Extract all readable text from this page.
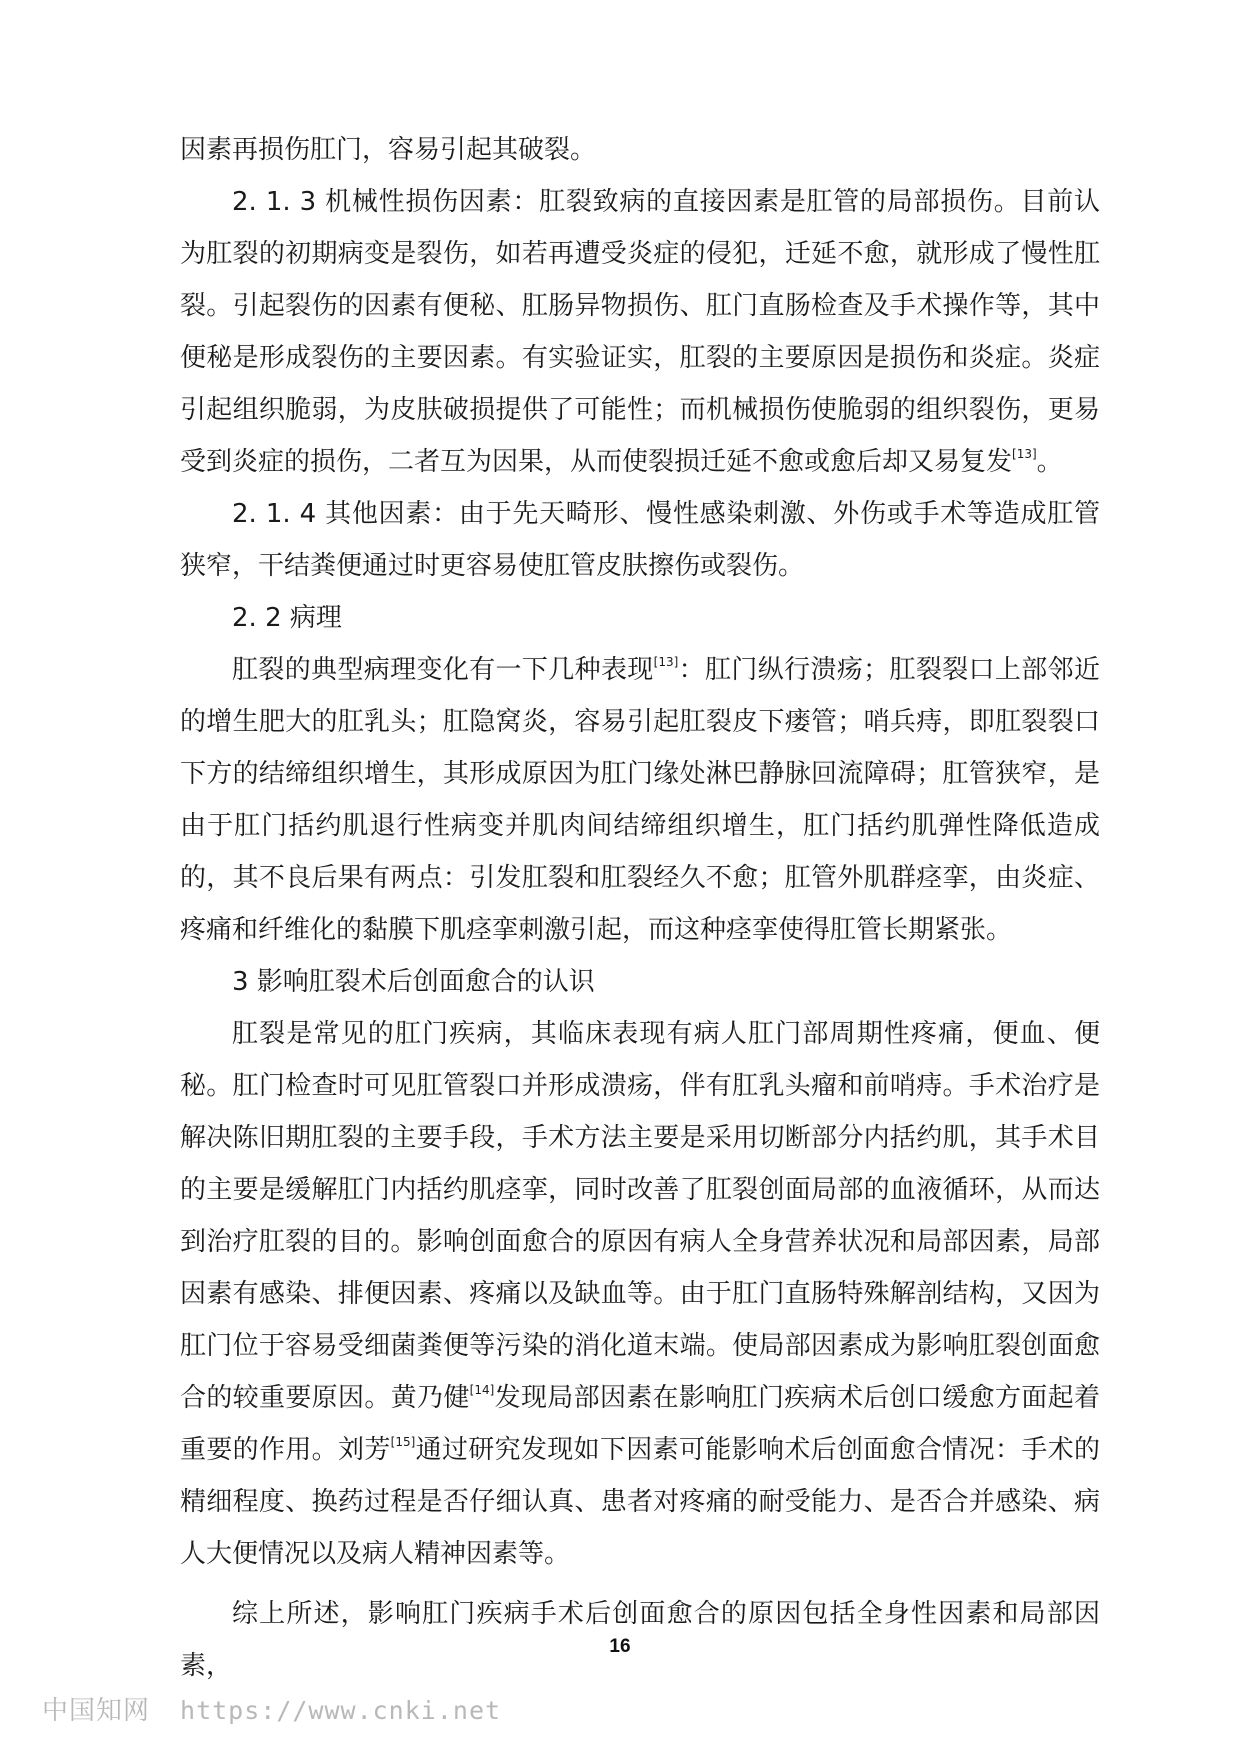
因素再损伤肛门，容易引起其破裂。

2. 1. 3 机械性损伤因素：肛裂致病的直接因素是肛管的局部损伤。目前认为肛裂的初期病变是裂伤，如若再遭受炎症的侵犯，迁延不愈，就形成了慢性肛裂。引起裂伤的因素有便秘、肛肠异物损伤、肛门直肠检查及手术操作等，其中便秘是形成裂伤的主要因素。有实验证实，肛裂的主要原因是损伤和炎症。炎症引起组织脆弱，为皮肤破损提供了可能性；而机械损伤使脆弱的组织裂伤，更易受到炎症的损伤，二者互为因果，从而使裂损迁延不愈或愈后却又易复发[13]。

2. 1. 4 其他因素：由于先天畸形、慢性感染刺激、外伤或手术等造成肛管狭窄，干结粪便通过时更容易使肛管皮肤擦伤或裂伤。

2. 2 病理

肛裂的典型病理变化有一下几种表现[13]：肛门纵行溃疡；肛裂裂口上部邻近的增生肥大的肛乳头；肛隐窝炎，容易引起肛裂皮下瘘管；哨兵痔，即肛裂裂口下方的结缔组织增生，其形成原因为肛门缘处淋巴静脉回流障碍；肛管狭窄，是由于肛门括约肌退行性病变并肌肉间结缔组织增生，肛门括约肌弹性降低造成的，其不良后果有两点：引发肛裂和肛裂经久不愈；肛管外肌群痉挛，由炎症、疼痛和纤维化的黏膜下肌痉挛刺激引起，而这种痉挛使得肛管长期紧张。

3 影响肛裂术后创面愈合的认识

肛裂是常见的肛门疾病，其临床表现有病人肛门部周期性疼痛，便血、便秘。肛门检查时可见肛管裂口并形成溃疡，伴有肛乳头瘤和前哨痔。手术治疗是解决陈旧期肛裂的主要手段，手术方法主要是采用切断部分内括约肌，其手术目的主要是缓解肛门内括约肌痉挛，同时改善了肛裂创面局部的血液循环，从而达到治疗肛裂的目的。影响创面愈合的原因有病人全身营养状况和局部因素，局部因素有感染、排便因素、疼痛以及缺血等。由于肛门直肠特殊解剖结构，又因为肛门位于容易受细菌粪便等污染的消化道末端。使局部因素成为影响肛裂创面愈合的较重要原因。黄乃健[14]发现局部因素在影响肛门疾病术后创口缓愈方面起着重要的作用。刘芳[15]通过研究发现如下因素可能影响术后创面愈合情况：手术的精细程度、换药过程是否仔细认真、患者对疼痛的耐受能力、是否合并感染、病人大便情况以及病人精神因素等。

综上所述，影响肛门疾病手术后创面愈合的原因包括全身性因素和局部因素，

16
中国知网 https://www.cnki.net
